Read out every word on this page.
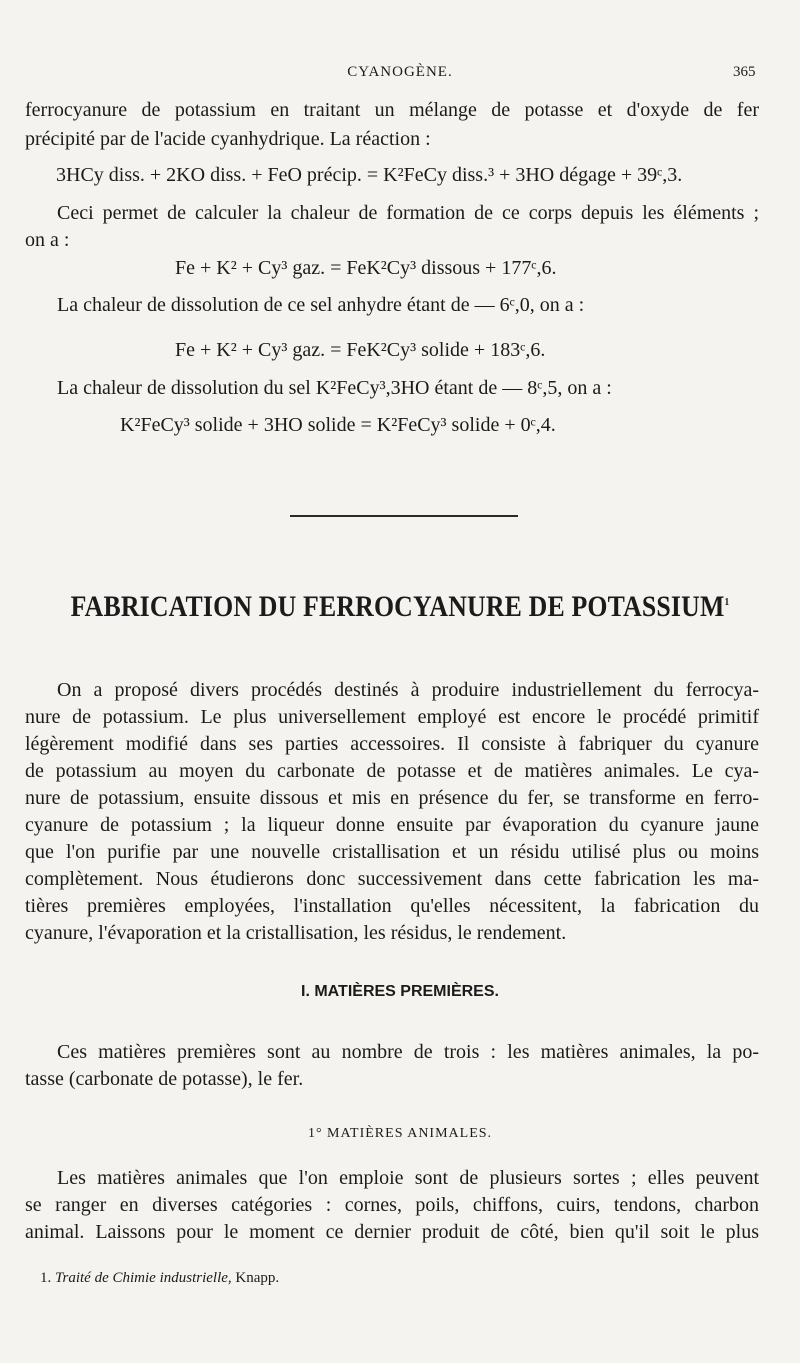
CYANOGÈNE.	365
ferrocyanure de potassium en traitant un mélange de potasse et d'oxyde de fer
précipité par de l'acide cyanhydrique. La réaction :
3HCy diss. + 2KO diss. + FeO précip. = K²FeCy diss.³ + 3HO dégage + 39ᶜ,3.
Ceci permet de calculer la chaleur de formation de ce corps depuis les éléments ;
on a :
Fe + K² + Cy³ gaz. = FeK²Cy³ dissous + 177ᶜ,6.
La chaleur de dissolution de ce sel anhydre étant de — 6ᶜ,0, on a :
Fe + K² + Cy³ gaz. = FeK²Cy³ solide + 183ᶜ,6.
La chaleur de dissolution du sel K²FeCy³,3HO étant de — 8ᶜ,5, on a :
K²FeCy³ solide + 3HO solide = K²FeCy³ solide + 0ᶜ,4.
FABRICATION DU FERROCYANURE DE POTASSIUM$^1$
On a proposé divers procédés destinés à produire industriellement du ferrocya-
nure de potassium. Le plus universellement employé est encore le procédé primitif
légèrement modifié dans ses parties accessoires. Il consiste à fabriquer du cyanure
de potassium au moyen du carbonate de potasse et de matières animales. Le cya-
nure de potassium, ensuite dissous et mis en présence du fer, se transforme en ferro-
cyanure de potassium ; la liqueur donne ensuite par évaporation du cyanure jaune
que l'on purifie par une nouvelle cristallisation et un résidu utilisé plus ou moins
complètement. Nous étudierons donc successivement dans cette fabrication les ma-
tières premières employées, l'installation qu'elles nécessitent, la fabrication du
cyanure, l'évaporation et la cristallisation, les résidus, le rendement.
I. MATIÈRES PREMIÈRES.
Ces matières premières sont au nombre de trois : les matières animales, la po-
tasse (carbonate de potasse), le fer.
1° MATIÈRES ANIMALES.
Les matières animales que l'on emploie sont de plusieurs sortes ; elles peuvent
se ranger en diverses catégories : cornes, poils, chiffons, cuirs, tendons, charbon
animal. Laissons pour le moment ce dernier produit de côté, bien qu'il soit le plus
1. Traité de Chimie industrielle, Knapp.
